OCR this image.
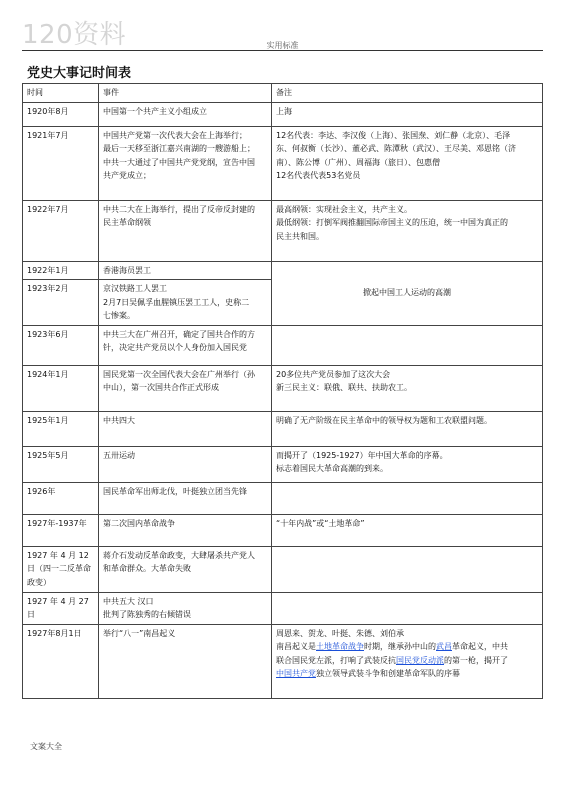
120资料	实用标准
党史大事记时间表
时间	事件	备注
1920年8月	中国第一个共产主义小组成立	上海

1921年7月	中国共产党第一次代表大会在上海举行；
最后一天移至浙江嘉兴南湖的一艘游船上；
中共一大通过了中国共产党党纲，宣告中国
共产党成立；	12名代表：李达、李汉俊（上海）、张国焘、刘仁静（北京）、毛泽
东、何叔衡（长沙）、董必武、陈潭秋（武汉）、王尽美、邓恩铭（济
南）、陈公博（广州）、周福海（旅日）、包惠僧
12名代表代表53名党员

1922年7月	中共二大在上海举行，提出了反帝反封建的
民主革命纲领	最高纲领：实现社会主义，共产主义。
最低纲领：打倒军阀推翻国际帝国主义的压迫，统一中国为真正的
民主共和国。

1922年1月	香港海员罢工	掀起中国工人运动的高潮
1923年2月	京汉铁路工人罢工
2月7日吴佩孚血腥镇压罢工工人，史称二
七惨案。	

1923年6月	中共三大在广州召开，确定了国共合作的方
针，决定共产党员以个人身份加入国民党	

1924年1月	国民党第一次全国代表大会在广州举行（孙
中山），第一次国共合作正式形成	20多位共产党员参加了这次大会
新三民主义：联俄、联共、扶助农工。

1925年1月	中共四大	明确了无产阶级在民主革命中的领导权为题和工农联盟问题。

1925年5月	五卅运动	而揭开了（1925-1927）年中国大革命的序幕。
标志着国民大革命高潮的到来。

1926年	国民革命军出师北伐，叶挺独立团当先锋	

1927年-1937年	第二次国内革命战争	“十年内战”或“土地革命”

1927 年 4 月 12 日（四一二反革命政变）	蒋介石发动反革命政变，大肆屠杀共产党人
和革命群众。大革命失败	

1927 年 4 月 27 日	中共五大 汉口
批判了陈独秀的右倾错误	

1927年8月1日	举行“八一”南昌起义	周恩来、贺龙、叶挺、朱德、刘伯承
南昌起义是土地革命战争时期，继承孙中山的武昌革命起义，中共
联合国民党左派，打响了武装反抗国民党反动派的第一枪，揭开了
中国共产党独立领导武装斗争和创建革命军队的序幕
文案大全
